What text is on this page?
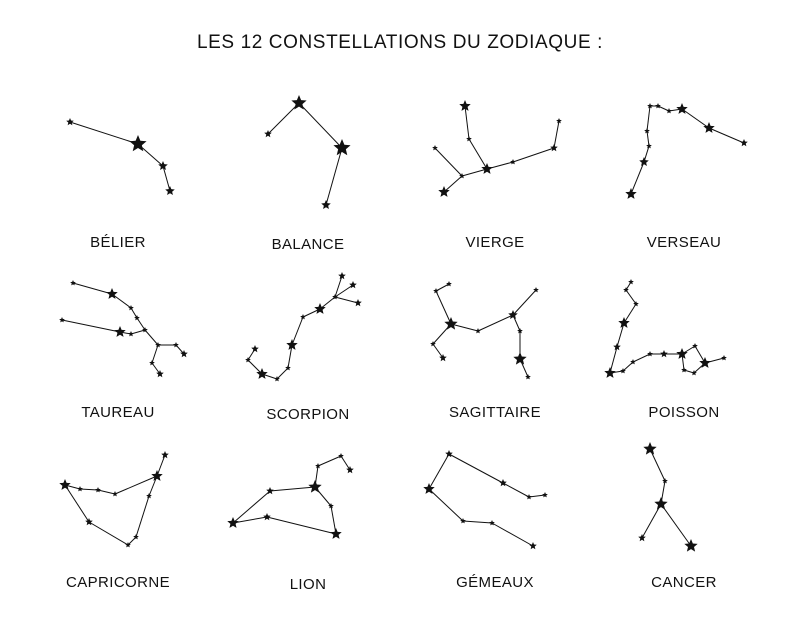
LES 12 CONSTELLATIONS DU ZODIAQUE :
BÉLIER	BALANCE	VIERGE	VERSEAU
TAUREAU	SCORPION	SAGITTAIRE	POISSON
CAPRICORNE	LION	GÉMEAUX	CANCER
